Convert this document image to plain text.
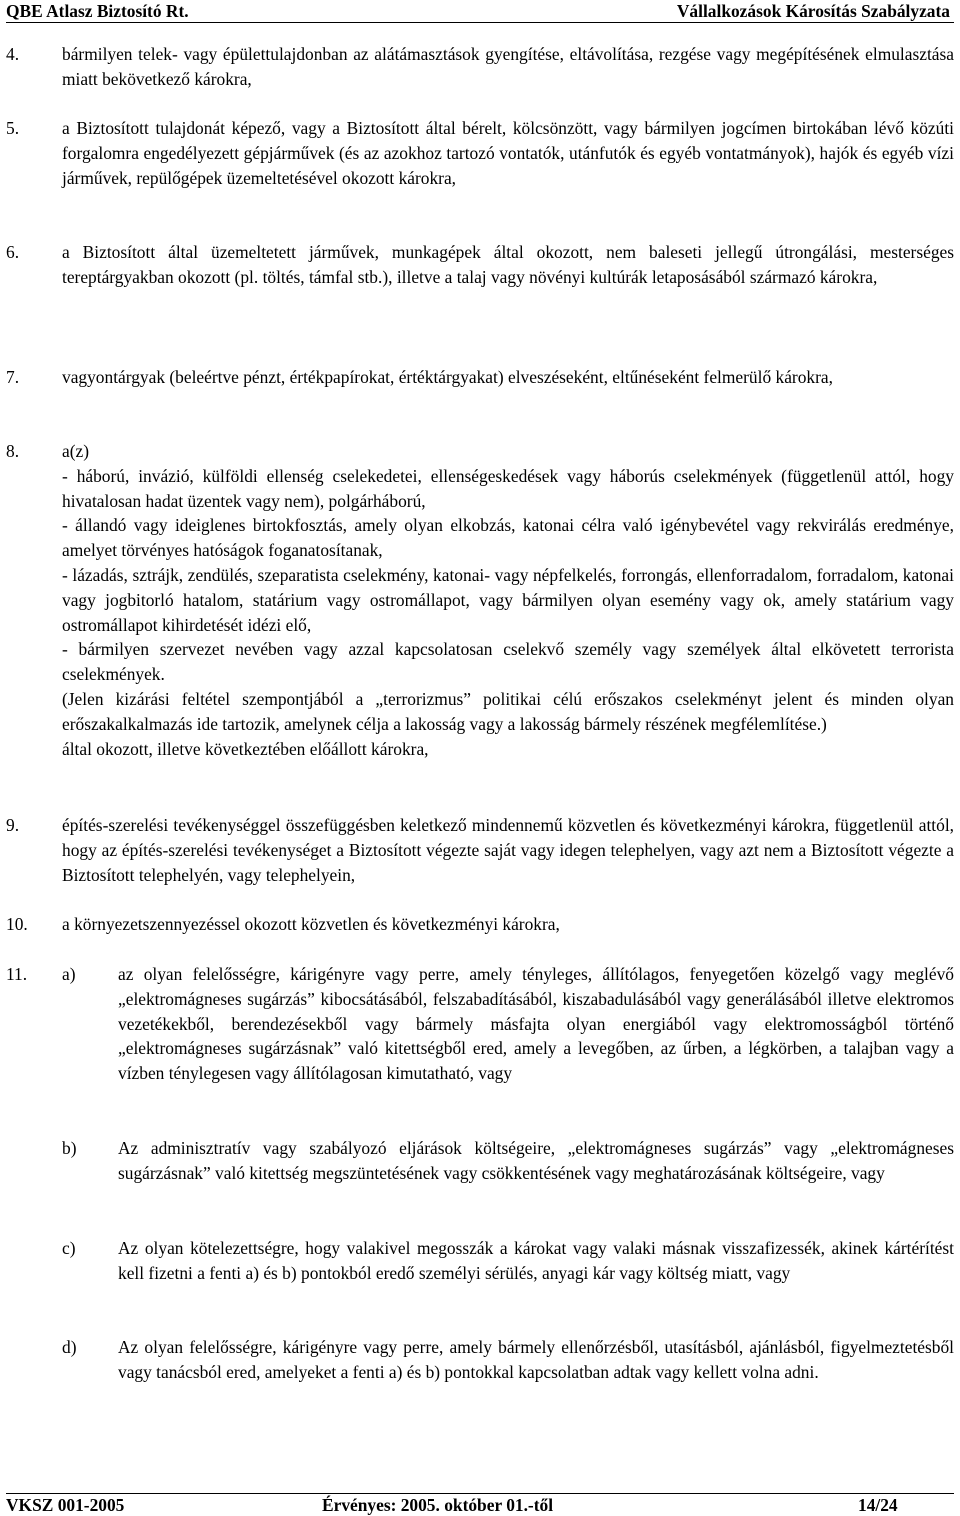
QBE Atlasz Biztosító Rt.	Vállalkozások Károsítás Szabályzata
4. bármilyen telek- vagy épülettulajdonban az alátámasztások gyengítése, eltávolítása, rezgése vagy megépítésének elmulasztása miatt bekövetkező károkra,
5. a Biztosított tulajdonát képező, vagy a Biztosított által bérelt, kölcsönzött, vagy bármilyen jogcímen birtokában lévő közúti forgalomra engedélyezett gépjárművek (és az azokhoz tartozó vontatók, utánfutók és egyéb vontatmányok), hajók és egyéb vízi járművek, repülőgépek üzemeltetésével okozott károkra,
6. a Biztosított által üzemeltetett járművek, munkagépek által okozott, nem baleseti jellegű útrongálási, mesterséges tereptárgyakban okozott (pl. töltés, támfal stb.), illetve a talaj vagy növényi kultúrák letaposásából származó károkra,
7. vagyontárgyak (beleértve pénzt, értékpapírokat, értéktárgyakat) elveszéseként, eltűnéseként felmerülő károkra,
8. a(z)

- háború, invázió, külföldi ellenség cselekedetei, ellenségeskedések vagy háborús cselekmények (függetlenül attól, hogy hivatalosan hadat üzentek vagy nem), polgárháború,

- állandó vagy ideiglenes birtokfosztás, amely olyan elkobzás, katonai célra való igénybevétel vagy rekvirálás eredménye, amelyet törvényes hatóságok foganatosítanak,

- lázadás, sztrájk, zendülés, szeparatista cselekmény, katonai- vagy népfelkelés, forrongás, ellenforradalom, forradalom, katonai vagy jogbitorló hatalom, statárium vagy ostromállapot, vagy bármilyen olyan esemény vagy ok, amely statárium vagy ostromállapot kihirdetését idézi elő,

- bármilyen szervezet nevében vagy azzal kapcsolatosan cselekvő személy vagy személyek által elkövetett terrorista cselekmények.

(Jelen kizárási feltétel szempontjából a „terrorizmus” politikai célú erőszakos cselekményt jelent és minden olyan erőszakalkalmazás ide tartozik, amelynek célja a lakosság vagy a lakosság bármely részének megfélemlítése.)

által okozott, illetve következtében előállott károkra,

9. építés-szerelési tevékenységgel összefüggésben keletkező mindennemű közvetlen és következményi károkra, függetlenül attól, hogy az építés-szerelési tevékenységet a Biztosított végezte saját vagy idegen telephelyen, vagy azt nem a Biztosított végezte a Biztosított telephelyén, vagy telephelyein,
10. a környezetszennyezéssel okozott közvetlen és következményi károkra,
11. a) az olyan felelősségre, kárigényre vagy perre, amely tényleges, állítólagos, fenyegetően közelgő vagy meglévő „elektromágneses sugárzás” kibocsátásából, felszabadításából, kiszabadulásából vagy generálásából illetve elektromos vezetékekből, berendezésekből vagy bármely másfajta olyan energiából vagy elektromosságból történő „elektromágneses sugárzásnak” való kitettségből ered, amely a levegőben, az űrben, a légkörben, a talajban vagy a vízben ténylegesen vagy állítólagosan kimutatható, vagy
b) Az adminisztratív vagy szabályozó eljárások költségeire, „elektromágneses sugárzás” vagy „elektromágneses sugárzásnak” való kitettség megszüntetésének vagy csökkentésének vagy meghatározásának költségeire, vagy
c) Az olyan kötelezettségre, hogy valakivel megosszák a károkat vagy valaki másnak visszafizessék, akinek kártérítést kell fizetni a fenti a) és b) pontokból eredő személyi sérülés, anyagi kár vagy költség miatt, vagy
d) Az olyan felelősségre, kárigényre vagy perre, amely bármely ellenőrzésből, utasításból, ajánlásból, figyelmeztetésből vagy tanácsból ered, amelyeket a fenti a) és b) pontokkal kapcsolatban adtak vagy kellett volna adni.
VKSZ 001-2005	Érvényes: 2005. október 01.-től	14/24
